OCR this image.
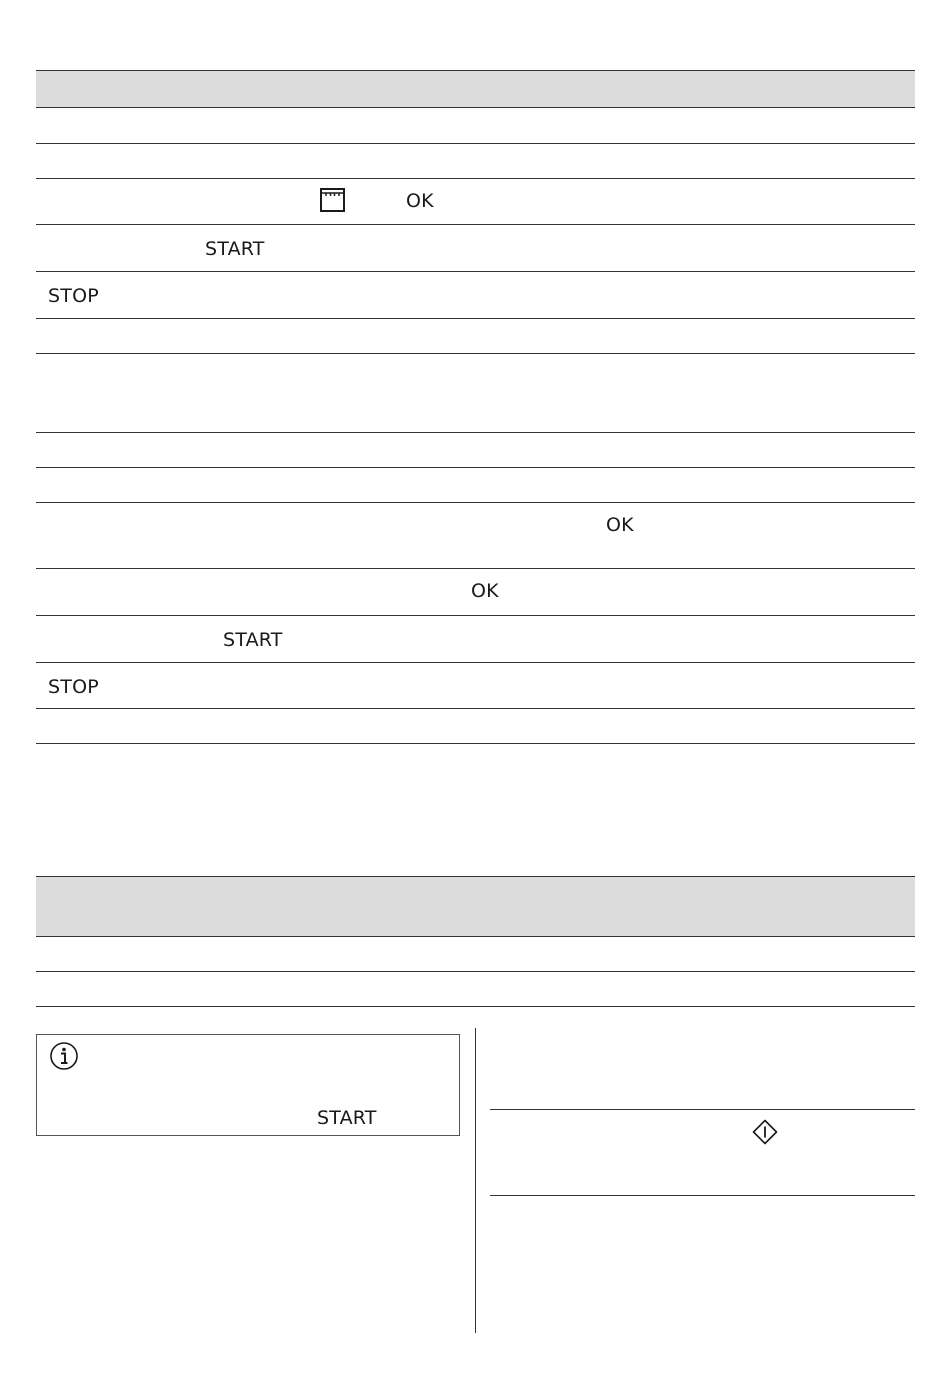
OK
START
STOP
OK
OK
START
STOP
START
